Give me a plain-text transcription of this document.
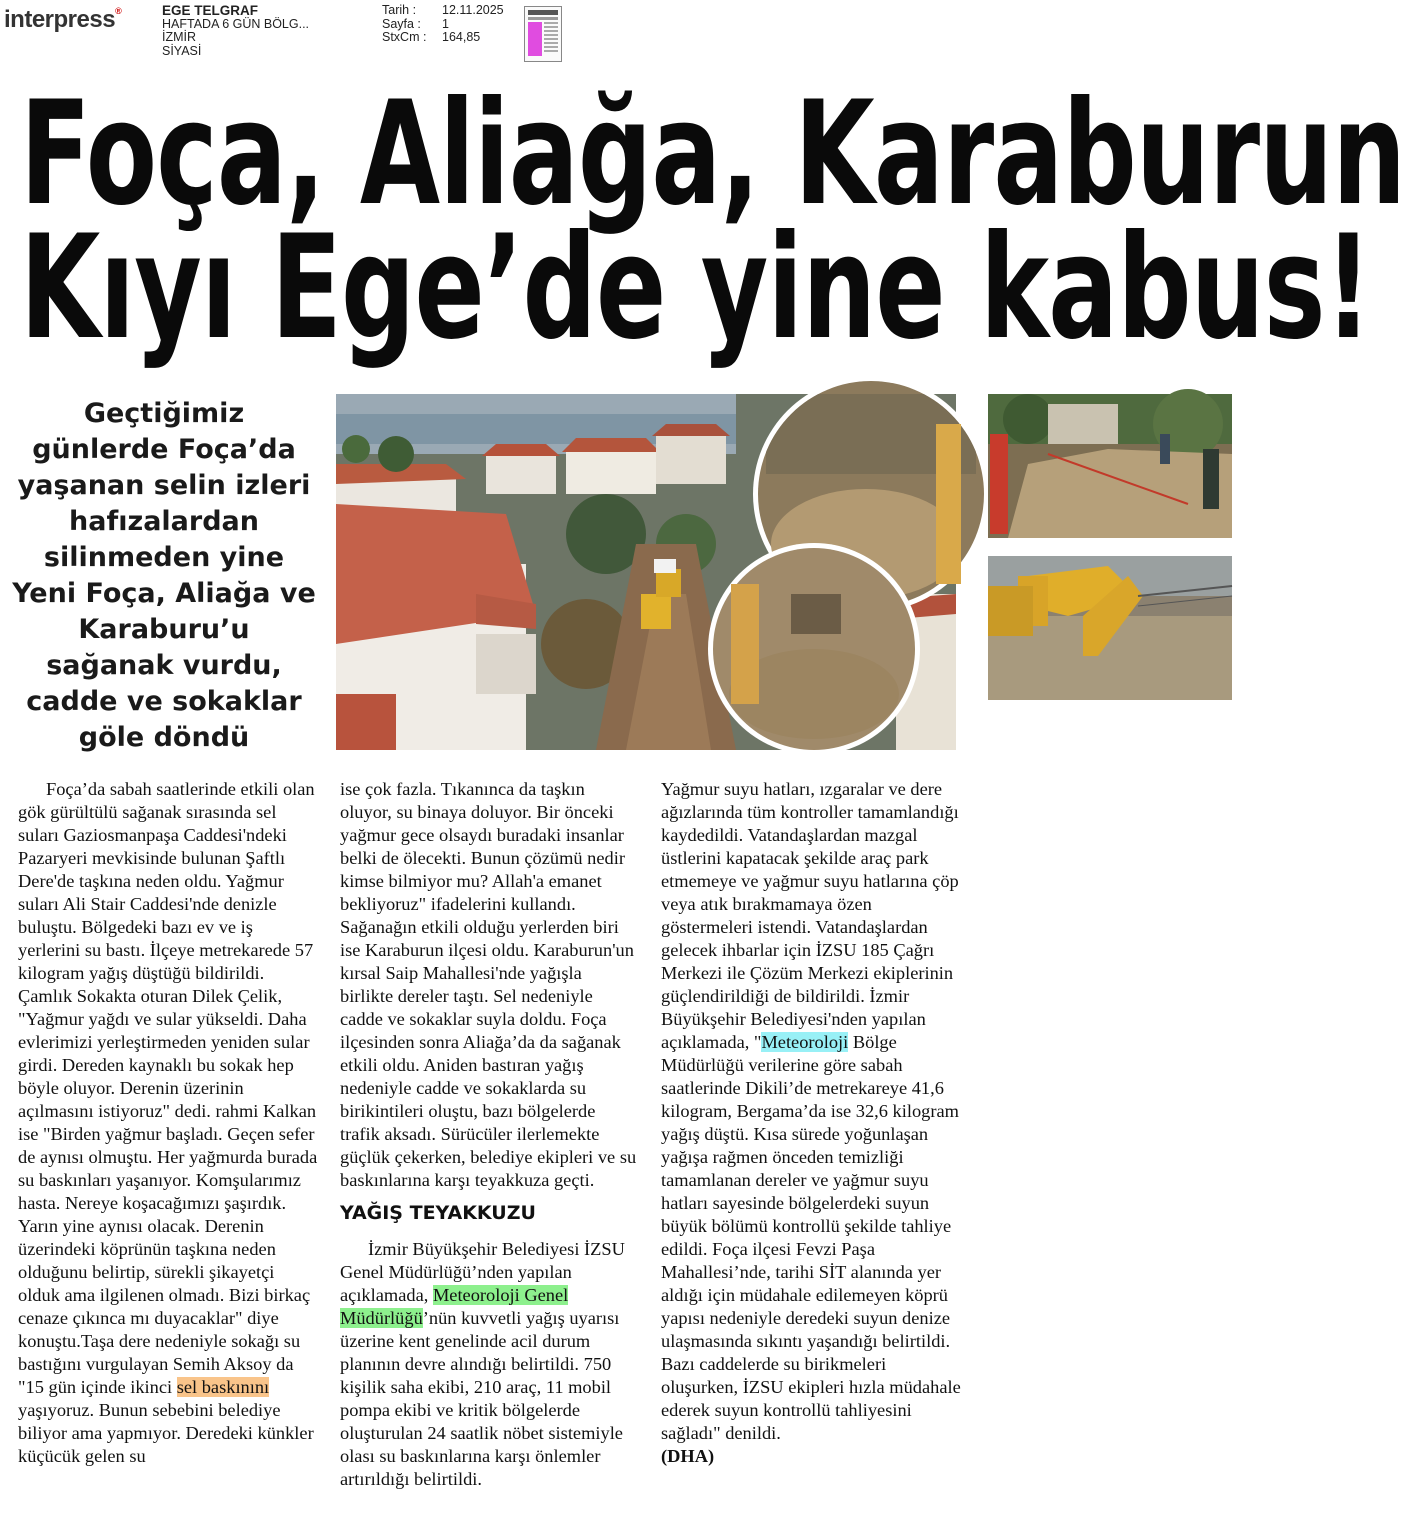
interpress®	EGE TELGRAF
HAFTADA 6 GÜN BÖLG...
İZMİR
SİYASİ
Tarih :	12.11.2025
Sayfa :	1
StxCm :	164,85
Foça, Aliağa, Karaburun
Kıyı Ege’de yine kabus!
Geçtiğimiz günlerde Foça’da yaşanan selin izleri hafızalardan silinmeden yine Yeni Foça, Aliağa ve Karaburu’u sağanak vurdu, cadde ve sokaklar göle döndü

Foça’da sabah saatlerinde etkili olan gök gürültülü sağanak sırasında sel suları Gaziosmanpaşa Caddesi'ndeki Pazaryeri mevkisinde bulunan Şaftlı Dere'de taşkına neden oldu. Yağmur suları Ali Stair Caddesi'nde denizle buluştu. Bölgedeki bazı ev ve iş yerlerini su bastı. İlçeye metrekarede 57 kilogram yağış düştüğü bildirildi. Çamlık Sokakta oturan Dilek Çelik, "Yağmur yağdı ve sular yükseldi. Daha evlerimizi yerleştirmeden yeniden sular girdi. Dereden kaynaklı bu sokak hep böyle oluyor. Derenin üzerinin açılmasını istiyoruz" dedi. rahmi Kalkan ise "Birden yağmur başladı. Geçen sefer de aynısı olmuştu. Her yağmurda burada su baskınları yaşanıyor. Komşularımız hasta. Nereye koşacağımızı şaşırdık. Yarın yine aynısı olacak. Derenin üzerindeki köprünün taşkına neden olduğunu belirtip, sürekli şikayetçi olduk ama ilgilenen olmadı. Bizi birkaç cenaze çıkınca mı duyacaklar" diye konuştu.Taşa dere nedeniyle sokağı su bastığını vurgulayan Semih Aksoy da "15 gün içinde ikinci sel baskınını yaşıyoruz. Bunun sebebini belediye biliyor ama yapmıyor. Deredeki künkler küçücük gelen su

ise çok fazla. Tıkanınca da taşkın oluyor, su binaya doluyor. Bir önceki yağmur gece olsaydı buradaki insanlar belki de ölecekti. Bunun çözümü nedir kimse bilmiyor mu? Allah'a emanet bekliyoruz" ifadelerini kullandı. Sağanağın etkili olduğu yerlerden biri ise Karaburun ilçesi oldu. Karaburun'un kırsal Saip Mahallesi'nde yağışla birlikte dereler taştı. Sel nedeniyle cadde ve sokaklar suyla doldu. Foça ilçesinden sonra Aliağa’da da sağanak etkili oldu. Aniden bastıran yağış nedeniyle cadde ve sokaklarda su birikintileri oluştu, bazı bölgelerde trafik aksadı. Sürücüler ilerlemekte güçlük çekerken, belediye ekipleri ve su baskınlarına karşı teyakkuza geçti.

YAĞIŞ TEYAKKUZU

İzmir Büyükşehir Belediyesi İZSU Genel Müdürlüğü’nden yapılan açıklamada, Meteoroloji Genel Müdürlüğü’nün kuvvetli yağış uyarısı üzerine kent genelinde acil durum planının devre alındığı belirtildi. 750 kişilik saha ekibi, 210 araç, 11 mobil pompa ekibi ve kritik bölgelerde oluşturulan 24 saatlik nöbet sistemiyle olası su baskınlarına karşı önlemler artırıldığı belirtildi.

Yağmur suyu hatları, ızgaralar ve dere ağızlarında tüm kontroller tamamlandığı kaydedildi. Vatandaşlardan mazgal üstlerini kapatacak şekilde araç park etmemeye ve yağmur suyu hatlarına çöp veya atık bırakmamaya özen göstermeleri istendi. Vatandaşlardan gelecek ihbarlar için İZSU 185 Çağrı Merkezi ile Çözüm Merkezi ekiplerinin güçlendirildiği de bildirildi. İzmir Büyükşehir Belediyesi'nden yapılan açıklamada, "Meteoroloji Bölge Müdürlüğü verilerine göre sabah saatlerinde Dikili’de metrekareye 41,6 kilogram, Bergama’da ise 32,6 kilogram yağış düştü. Kısa sürede yoğunlaşan yağışa rağmen önceden temizliği tamamlanan dereler ve yağmur suyu hatları sayesinde bölgelerdeki suyun büyük bölümü kontrollü şekilde tahliye edildi. Foça ilçesi Fevzi Paşa Mahallesi’nde, tarihi SİT alanında yer aldığı için müdahale edilemeyen köprü yapısı nedeniyle deredeki suyun denize ulaşmasında sıkıntı yaşandığı belirtildi. Bazı caddelerde su birikmeleri oluşurken, İZSU ekipleri hızla müdahale ederek suyun kontrollü tahliyesini sağladı" denildi.

(DHA)
